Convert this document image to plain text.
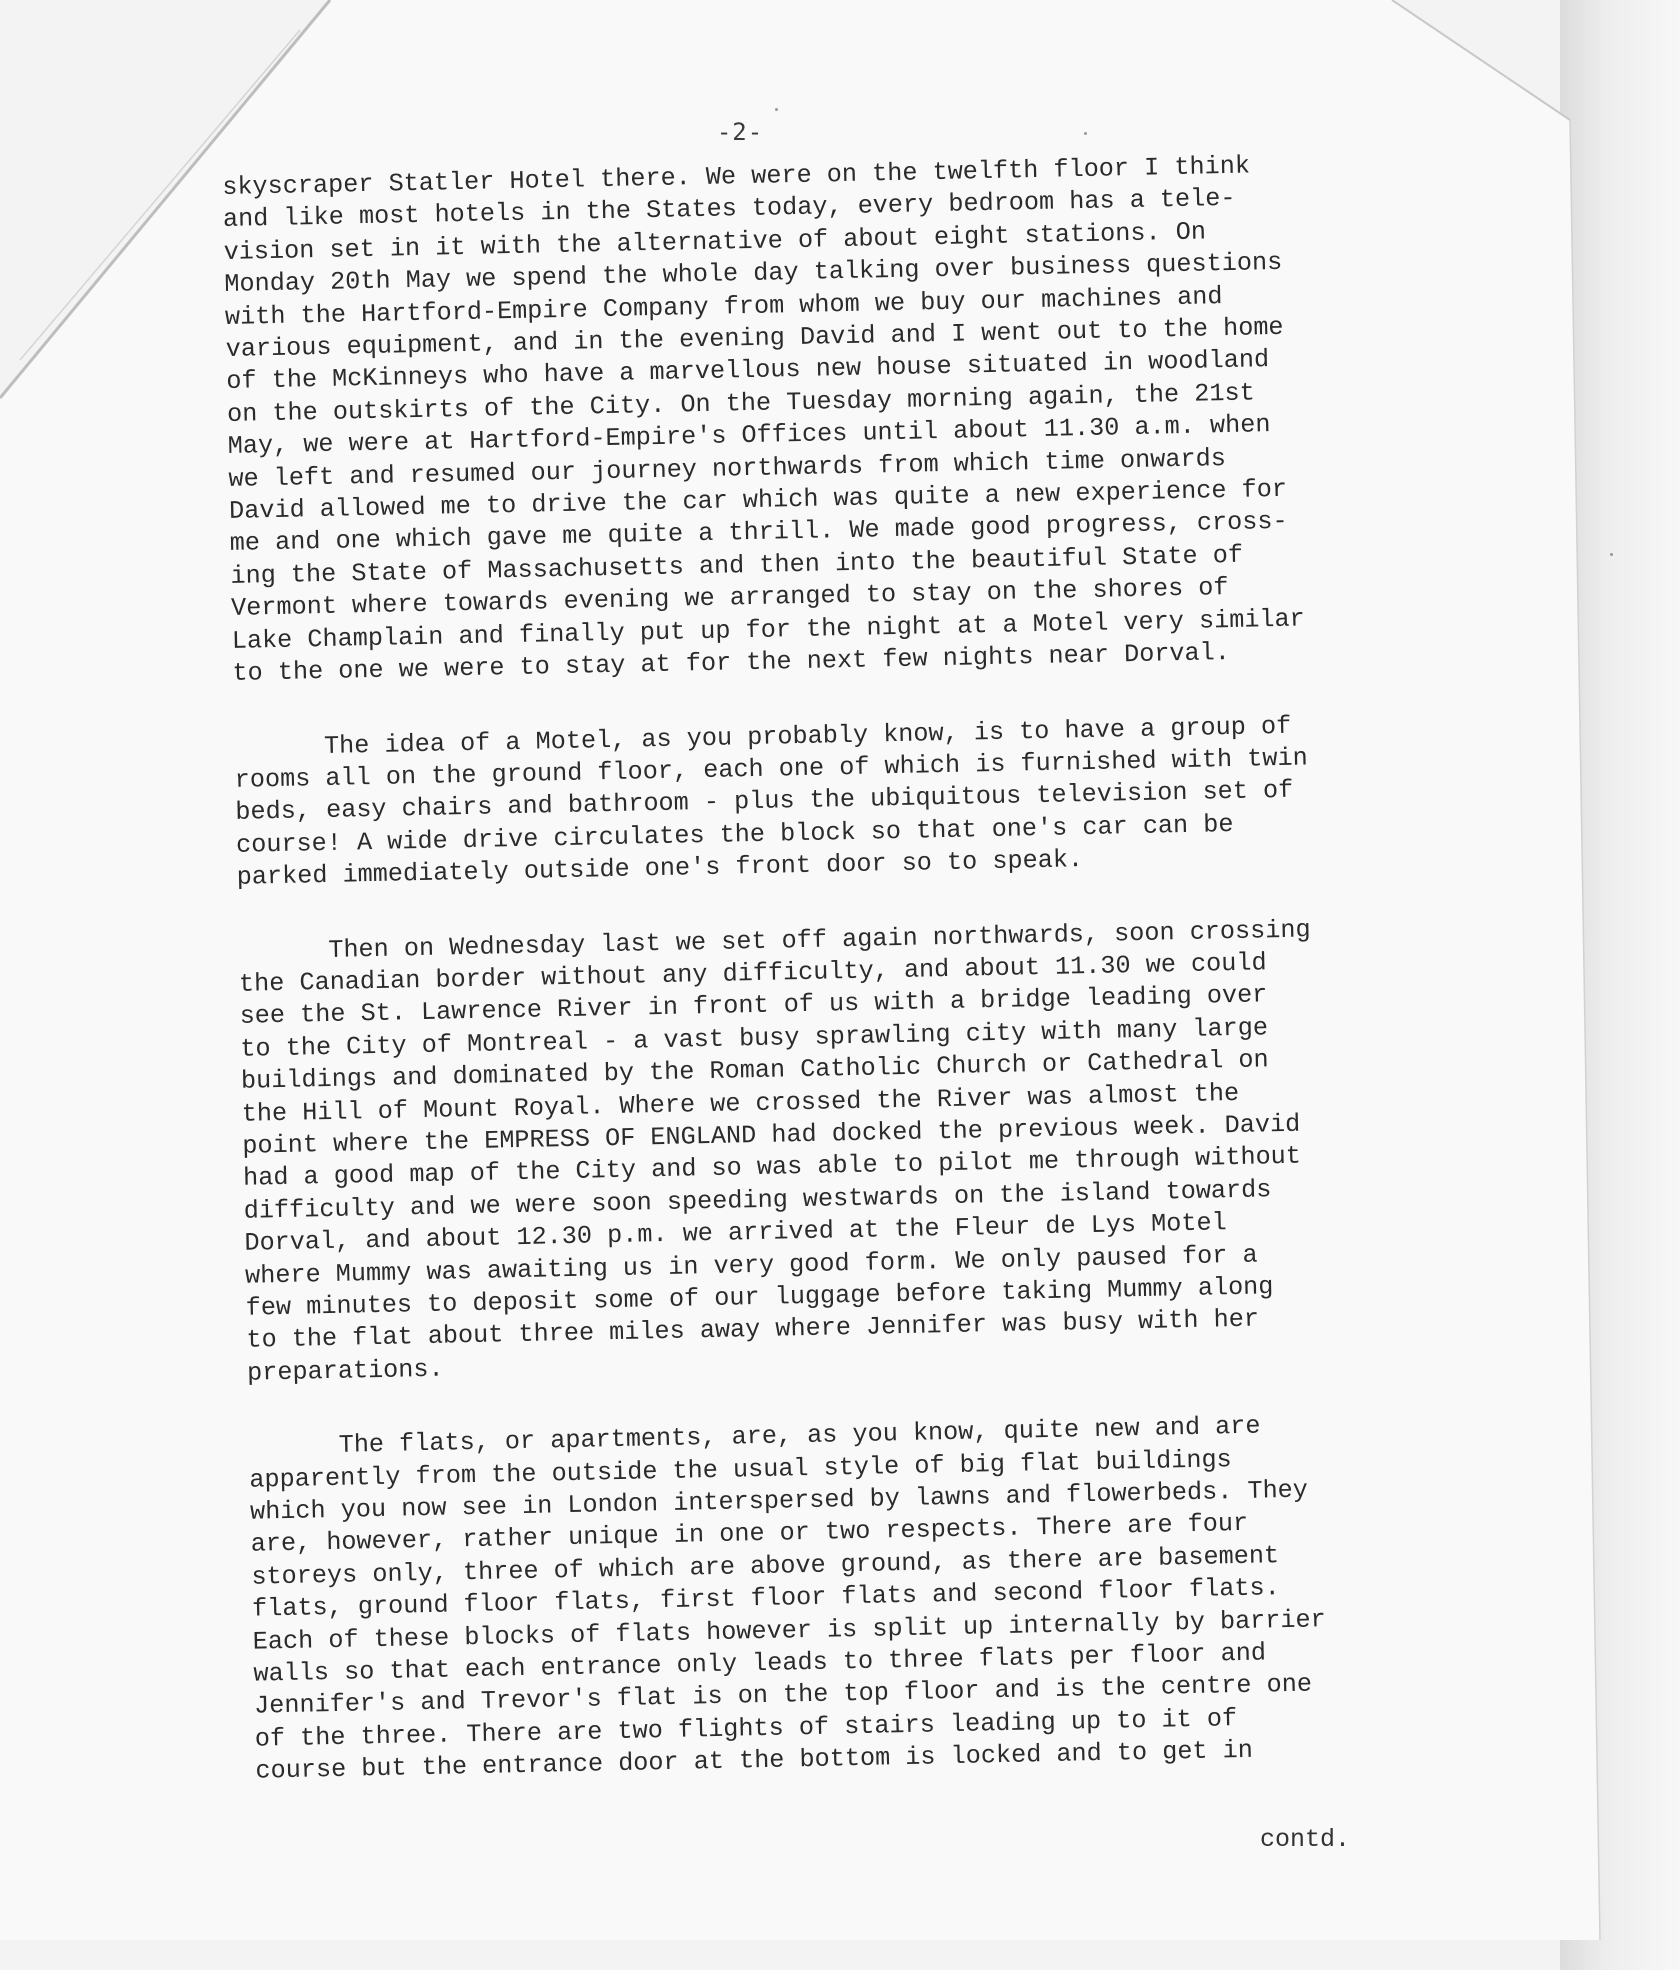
-2-

skyscraper Statler Hotel there. We were on the twelfth floor I think
and like most hotels in the States today, every bedroom has a tele-
vision set in it with the alternative of about eight stations. On
Monday 20th May we spend the whole day talking over business questions
with the Hartford-Empire Company from whom we buy our machines and
various equipment, and in the evening David and I went out to the home
of the McKinneys who have a marvellous new house situated in woodland
on the outskirts of the City. On the Tuesday morning again, the 21st
May, we were at Hartford-Empire's Offices until about 11.30 a.m. when
we left and resumed our journey northwards from which time onwards
David allowed me to drive the car which was quite a new experience for
me and one which gave me quite a thrill. We made good progress, cross-
ing the State of Massachusetts and then into the beautiful State of
Vermont where towards evening we arranged to stay on the shores of
Lake Champlain and finally put up for the night at a Motel very similar
to the one we were to stay at for the next few nights near Dorval.

The idea of a Motel, as you probably know, is to have a group of
rooms all on the ground floor, each one of which is furnished with twin
beds, easy chairs and bathroom - plus the ubiquitous television set of
course! A wide drive circulates the block so that one's car can be
parked immediately outside one's front door so to speak.

Then on Wednesday last we set off again northwards, soon crossing
the Canadian border without any difficulty, and about 11.30 we could
see the St. Lawrence River in front of us with a bridge leading over
to the City of Montreal - a vast busy sprawling city with many large
buildings and dominated by the Roman Catholic Church or Cathedral on
the Hill of Mount Royal. Where we crossed the River was almost the
point where the EMPRESS OF ENGLAND had docked the previous week. David
had a good map of the City and so was able to pilot me through without
difficulty and we were soon speeding westwards on the island towards
Dorval, and about 12.30 p.m. we arrived at the Fleur de Lys Motel
where Mummy was awaiting us in very good form. We only paused for a
few minutes to deposit some of our luggage before taking Mummy along
to the flat about three miles away where Jennifer was busy with her
preparations.

The flats, or apartments, are, as you know, quite new and are
apparently from the outside the usual style of big flat buildings
which you now see in London interspersed by lawns and flowerbeds. They
are, however, rather unique in one or two respects. There are four
storeys only, three of which are above ground, as there are basement
flats, ground floor flats, first floor flats and second floor flats.
Each of these blocks of flats however is split up internally by barrier
walls so that each entrance only leads to three flats per floor and
Jennifer's and Trevor's flat is on the top floor and is the centre one
of the three. There are two flights of stairs leading up to it of
course but the entrance door at the bottom is locked and to get in

contd.
